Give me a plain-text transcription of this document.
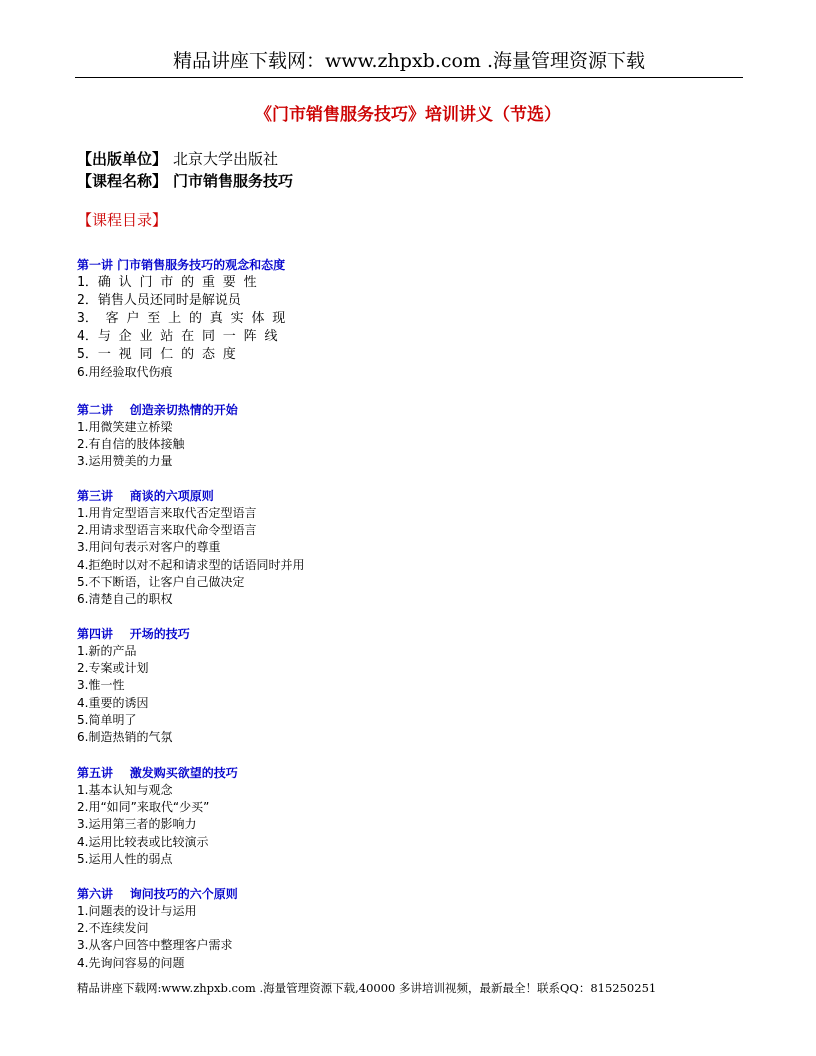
精品讲座下载网：www.zhpxb.com .海量管理资源下载
《门市销售服务技巧》培训讲义（节选）
【出版单位】 北京大学出版社
【课程名称】 门市销售服务技巧
【课程目录】
第一讲 门市销售服务技巧的观念和态度
1．确 认 门 市 的 重 要 性
2．销售人员还同时是解说员
3． 客 户 至 上 的 真 实 体 现
4．与 企 业 站 在 同 一 阵 线
5．一 视 同 仁 的 态 度
6.用经验取代伤痕
第二讲    创造亲切热情的开始
1.用微笑建立桥梁
2.有自信的肢体接触
3.运用赞美的力量
第三讲    商谈的六项原则
1.用肯定型语言来取代否定型语言
2.用请求型语言来取代命令型语言
3.用问句表示对客户的尊重
4.拒绝时以对不起和请求型的话语同时并用
5.不下断语，让客户自己做决定
6.清楚自己的职权
第四讲    开场的技巧
1.新的产品
2.专案或计划
3.惟一性
4.重要的诱因
5.简单明了
6.制造热销的气氛
第五讲    激发购买欲望的技巧
1.基本认知与观念
2.用“如同”来取代“少买”
3.运用第三者的影响力
4.运用比较表或比较演示
5.运用人性的弱点
第六讲    询问技巧的六个原则
1.问题表的设计与运用
2.不连续发问
3.从客户回答中整理客户需求
4.先询问容易的问题
精品讲座下载网:www.zhpxb.com .海量管理资源下载,40000 多讲培训视频，最新最全！联系QQ：815250251
